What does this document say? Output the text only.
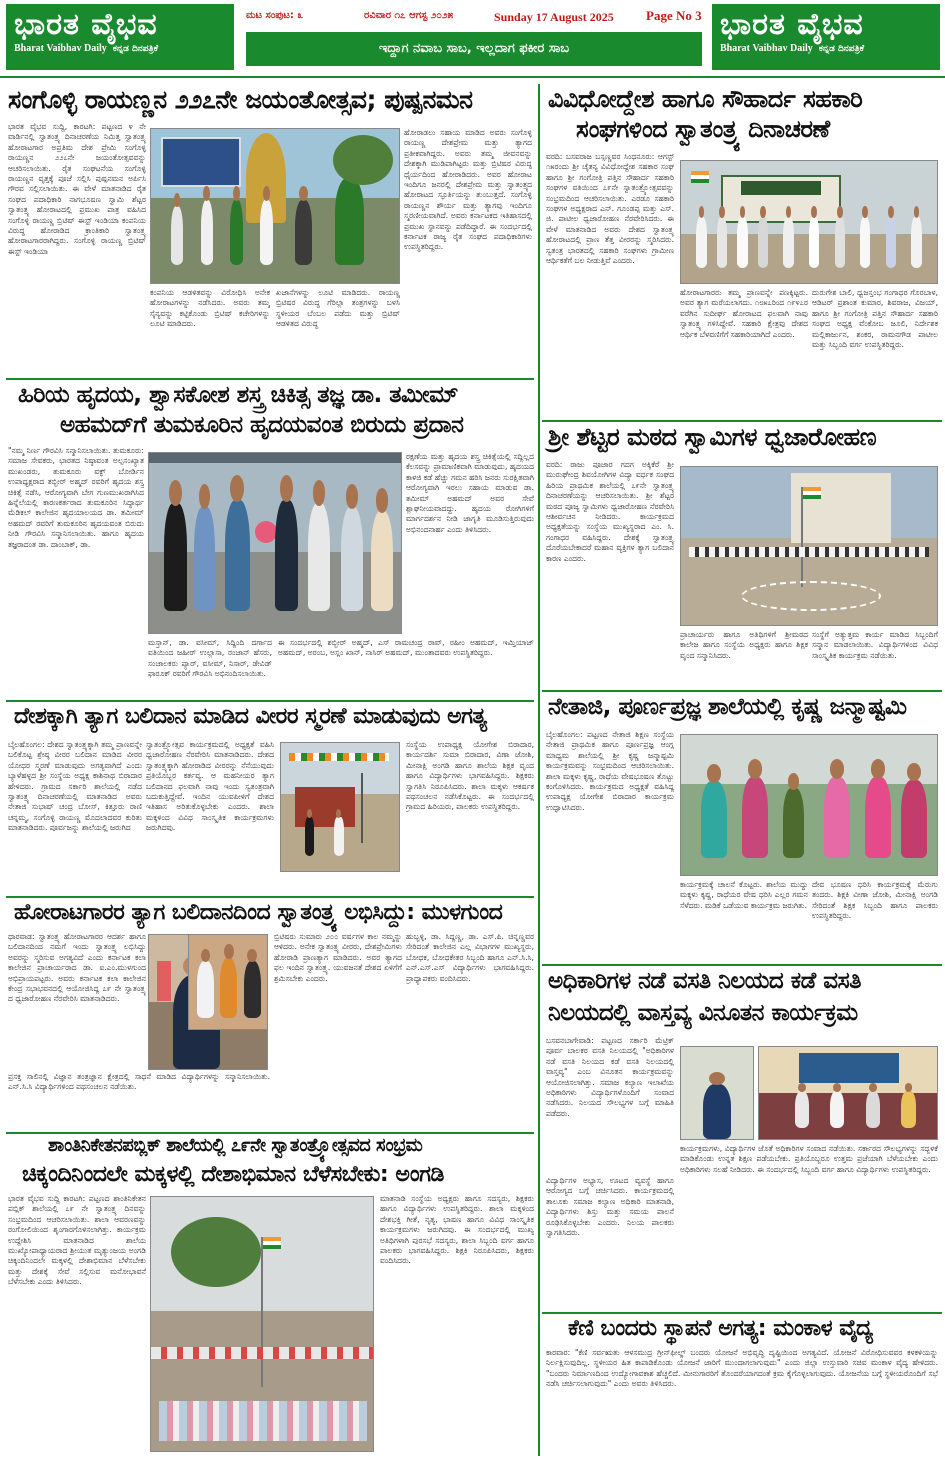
ಭಾರತ ವೈಭವ
Bharat Vaibhav Daily ಕನ್ನಡ ದಿನಪತ್ರಿಕೆ
ಮಟ ಸಂಪುಟ: ೩	ರವಿವಾರ ೧೭ ಆಗಸ್ಟ ೨೦೨೫	Sunday 17 August 2025 Page No 3
ಇದ್ದಾಗ ನವಾಬ ಸಾಬ, ಇಲ್ಲದಾಗ ಫಕೀರ ಸಾಬ
ಭಾರತ ವೈಭವ
Bharat Vaibhav Daily ಕನ್ನಡ ದಿನಪತ್ರಿಕೆ
ಸಂಗೊಳ್ಳಿ ರಾಯಣ್ಣನ ೨೨೭ನೇ ಜಯಂತೋತ್ಸವ; ಪುಷ್ಪನಮನ
ಭಾರತ ವೈಭವ ಸುದ್ದಿ, ಕಾರಟಗಿ: ಪಟ್ಟಣದ ೪ ನೇ ವಾರ್ಡಿನಲ್ಲಿ ಸ್ವಾತಂತ್ರ್ಯ ದಿನಾಚರಣೆಯ ನಿಮಿತ್ತ ಸ್ವಾತಂತ್ರ್ಯ ಹೋರಾಟಗಾರ ಅಪ್ರತಿಮ ದೇಶ ಪ್ರೇಮಿ ಸಂಗೊಳ್ಳಿ ರಾಯಣ್ಣನ ೨೨೭ನೇ ಜಯಂತೋತ್ಸವವನ್ನು ಆಚರಿಸಲಾಯಿತು. ರೈತ ಸಂಘಟನೆಯ ಸಂಗೊಳ್ಳಿ ರಾಯಣ್ಣನ ವೃತ್ತಕ್ಕೆ ಪೂಜೆ ಸಲ್ಲಿಸಿ ಪುಷ್ಪನಮನ ಅರ್ಪಿಸಿ ಗೌರವ ಸಲ್ಲಿಸಲಾಯಿತು. ಈ ವೇಳೆ ಮಾತನಾಡಿದ ರೈತ ಸಂಘದ ಪದಾಧಿಕಾರಿ ನಾಗಭೂಷಣ ಸ್ವಾಮಿ ಶೆಟ್ಟರ ಸ್ವಾತಂತ್ರ್ಯ ಹೋರಾಟದಲ್ಲಿ ಪ್ರಮುಖ ಪಾತ್ರ ವಹಿಸಿದ ಸಂಗೊಳ್ಳಿ ರಾಯಣ್ಣ ಬ್ರಿಟಿಷ್ ಈಸ್ಟ್ ಇಂಡಿಯಾ ಕಂಪನಿಯ ವಿರುದ್ಧ ಹೋರಾಡಿದ ಕ್ರಾಂತಿಕಾರಿ ಸ್ವಾತಂತ್ರ್ಯ ಹೋರಾಟಗಾರರಾಗಿದ್ದರು. ಸಂಗೊಳ್ಳಿ ರಾಯಣ್ಣ ಬ್ರಿಟಿಷ್ ಈಸ್ಟ್ ಇಂಡಿಯಾ
ಕಂಪನಿಯ ಆಡಳಿತವನ್ನು ವಿರೋಧಿಸಿ ಅನೇಕ ಹೋರಾಟಗಳನ್ನು ನಡೆಸಿದರು. ಅವರು ತಮ್ಮ ಸೈನ್ಯವನ್ನು ಕಟ್ಟಿಕೊಂಡು ಬ್ರಿಟಿಷ್ ಕಚೇರಿಗಳನ್ನು ಲೂಟಿ ಮಾಡಿದರು.
ಖಜಾನೆಗಳನ್ನು ಲೂಟಿ ಮಾಡಿದರು. ರಾಯಣ್ಣ ಬ್ರಿಟಿಷರ ವಿರುದ್ಧ ಗೆರಿಲ್ಲಾ ತಂತ್ರಗಳನ್ನು ಬಳಸಿ ಸ್ಥಳೀಯರ ಬೆಂಬಲ ಪಡೆದು ಮತ್ತು ಬ್ರಿಟಿಷ್ ಆಡಳಿತದ ವಿರುದ್ಧ
ಹೋರಾಡಲು ಸಹಾಯ ಮಾಡಿದ ಅವರು ಸಂಗೊಳ್ಳಿ ರಾಯಣ್ಣ ದೇಶಪ್ರೇಮ ಮತ್ತು ತ್ಯಾಗದ ಪ್ರತೀಕವಾಗಿದ್ದರು. ಅವರು ತಮ್ಮ ಜೀವನವನ್ನು ದೇಶಕ್ಕಾಗಿ ಮುಡಿಪಾಗಿಟ್ಟರು ಮತ್ತು ಬ್ರಿಟಿಷರ ವಿರುದ್ಧ ಧೈರ್ಯದಿಂದ ಹೋರಾಡಿದರು. ಅವರ ಹೋರಾಟ ಇಂದಿಗೂ ಜನರಲ್ಲಿ ದೇಶಪ್ರೇಮ ಮತ್ತು ಸ್ವಾತಂತ್ರ್ಯದ ಹೋರಾಟದ ಸ್ಫೂರ್ತಿಯನ್ನು ತುಂಬುತ್ತದೆ. ಸಂಗೊಳ್ಳಿ ರಾಯಣ್ಣನ ಶೌರ್ಯ ಮತ್ತು ತ್ಯಾಗವು ಇಂದಿಗೂ ಸ್ಮರಣೀಯವಾಗಿದೆ. ಅವರು ಕರ್ನಾಟಕದ ಇತಿಹಾಸದಲ್ಲಿ ಪ್ರಮುಖ ಸ್ಥಾನವನ್ನು ಪಡೆದಿದ್ದಾರೆ. ಈ ಸಂದರ್ಭದಲ್ಲಿ ಕರ್ನಾಟಕ ರಾಜ್ಯ ರೈತ ಸಂಘದ ಪದಾಧಿಕಾರಿಗಳು ಉಪಸ್ಥಿತರಿದ್ದರು.
ಹಿರಿಯ ಹೃದಯ, ಶ್ವಾಸಕೋಶ ಶಸ್ತ್ರ ಚಿಕಿತ್ಸ ತಜ್ಞ ಡಾ. ತಮೀಮ್
ಅಹಮದ್‌ಗೆ ತುಮಕೂರಿನ ಹೃದಯವಂತ ಬಿರುದು ಪ್ರದಾನ
"ನಮ್ಮ ನಿರ್ಣ ಗೌರವಿಸಿ ಸನ್ಮಾನಿಸಲಾಯಿತು. ತುಮಕೂರು: ಸಮಾಜ ಸೇವಕರು, ಭಾರತದ ನಿಷ್ಠಾವಂತ ಅಲ್ಪಸಂಖ್ಯಾತ ಮುಖಂಡರು, ತುಮಕೂರು ವಕ್ಫ್ ಬೋರ್ಡಿನ ಉಪಾಧ್ಯಕ್ಷರಾದ ತಬ್ಬೀರ್ ಅಹ್ಮದ್ ರವರಿಗೆ ಹೃದಯ ಶಸ್ತ್ರ ಚಿಕಿತ್ಸೆ ನಡೆಸಿ, ಆರೋಗ್ಯವಾಗಿ ಬೇಗ ಗುಣಮುಖರಾಗಿಸಿದ ಹಿನ್ನೆಲೆಯಲ್ಲಿ ಕಾರಣಕರ್ತರಾದ ತುಮಕೂರಿನ ಸಿದ್ಧಾರ್ಥ ಮೆಡಿಕಲ್ ಕಾಲೇಜಿನ ಹೃದಯಾಲಯದ ಡಾ. ತಮೀಮ್ ಅಹಮದ್ ರವರಿಗೆ ತುಮಕೂರಿನ ಹೃದಯವಂತ ಬಿರುದು ನೀಡಿ ಗೌರವಿಸಿ ಸನ್ಮಾನಿಸಲಾಯಿತು. ಹಾಗೂ ಹೃದಯ ತಜ್ಞರಾದಂತ ಡಾ. ದಾಂಬಾಕ್, ಡಾ.
ಮಸ್ತಾನ್, ಡಾ. ವಸೀಮ್, ಸಿದ್ದಿಂದಿ ದರ್ಗಾದ ವತಿಯಿಂದ ಜಹೀರ್ ಉಲ್ಲಾಸಾ, ರಂಜಾನ್ ಹೆಸರು, ಸಂಚಾಲಕರು ಪ್ಯಾರ್, ವಸೀಮ್, ನಿಸಾರ್, ಡೇವಿಡ್ ಫಾರೂಕ್ ರವರಿಗೆ ಗೌರವಿಸಿ ಅಭಿನಂದಿಸಲಾಯಿತು.
ರಕ್ಷಣೆಯ ಮತ್ತು ಹೃದಯ ಶಸ್ತ್ರ ಚಿಕಿತ್ಸೆಯಲ್ಲಿ ಸದ್ದಿಲ್ಲದ ಕೆಲಸವನ್ನು ಪ್ರಾಮಾಣಿಕವಾಗಿ ಮಾಡುವುದು, ಹೃದಯದ ಕಾಳಜಿ ಕಡೆ ಹೆಚ್ಚು ಗಮನ ಹರಿಸಿ ಜನರು ಸುರಕ್ಷಿತವಾಗಿ ಆರೋಗ್ಯವಾಗಿ ಇರಲು ಸಹಾಯ ಮಾಡುವ ಡಾ. ತಮೀಮ್ ಅಹಮದ್ ಅವರ ಸೇವೆ ಶ್ಲಾಘನೀಯವಾದದ್ದು. ಹೃದಯ ರೋಗಿಗಳಿಗೆ ಮಾರ್ಗದರ್ಶನ ನೀಡಿ ಜಾಗೃತಿ ಮೂಡಿಸುತ್ತಿರುವುದು ಅಭಿನಂದನಾರ್ಹ ಎಂದು ತಿಳಿಸಿದರು.
ಈ ಸಂದರ್ಭದಲ್ಲಿ ಶಬ್ಬೀರ್ ಅಹ್ಮದ್, ಎಸ್ ರಾಮಚಂದ್ರ ರಾವ್, ರಹೀಂ ಅಹಮದ್, ಇಮ್ತಿಯಾಜ್ ಅಹಮದ್, ಅರಂಬ, ಅಸ್ಲಂ ಖಾನ್, ನಾಸಿರ್ ಅಹಮದ್, ಮುಂತಾದವರು ಉಪಸ್ಥಿತರಿದ್ದರು.
ದೇಶಕ್ಕಾಗಿ ತ್ಯಾಗ ಬಲಿದಾನ ಮಾಡಿದ ವೀರರ ಸ್ಮರಣೆ ಮಾಡುವುದು ಅಗತ್ಯ
ಬೈಲಹೊಂಗಲ: ದೇಶದ ಸ್ವಾತಂತ್ರ್ಯಕ್ಕಾಗಿ ತಮ್ಮ ಪ್ರಾಣವನ್ನೇ ಬಲಿಕೊಟ್ಟ ಶ್ರೇಷ್ಠ ವೀರರ ಬಲಿದಾನ ಮಾಡಿದ ವೀರರ ಯೋಧರ ಸ್ಮರಣೆ ಮಾಡುವುದು ಅಗತ್ಯವಾಗಿದೆ ಎಂದು ಬ್ಯಾಳೆಹಳ್ಳದ ಶ್ರೀ ಸಂಸ್ಥೆಯ ಅಧ್ಯಕ್ಷ ಕಾಶಿನಾಥ ಬಿರಾದಾರ ಹೇಳಿದರು. ಗ್ರಾಮದ ಸರ್ಕಾರಿ ಶಾಲೆಯಲ್ಲಿ ನಡೆದ ಸ್ವಾತಂತ್ರ್ಯ ದಿನಾಚರಣೆಯಲ್ಲಿ ಮಾತನಾಡಿದ ಅವರು ನೇತಾಜಿ ಸುಭಾಷ್ ಚಂದ್ರ ಬೋಸ್, ಕಿತ್ತೂರು ರಾಣಿ ಚನ್ನಮ್ಮ, ಸಂಗೊಳ್ಳಿ ರಾಯಣ್ಣ ಮೊದಲಾದವರ ಕುರಿತು ಮಾತನಾಡಿದರು. ಪೂರ್ವಜನ್ನು ಶಾಲೆಯಲ್ಲಿ ಜರುಗಿದ
ಸ್ವಾತಂತ್ರ್ಯೋತ್ಸವ ಕಾರ್ಯಕ್ರಮದಲ್ಲಿ ಅಧ್ಯಕ್ಷತೆ ವಹಿಸಿ ಧ್ವಜಾರೋಹಣ ನೆರವೇರಿಸಿ ಮಾತನಾಡಿದರು. ದೇಶದ ಸ್ವಾತಂತ್ರ್ಯಕ್ಕಾಗಿ ಹೋರಾಡಿದ ವೀರರನ್ನು ನೆನೆಯುವುದು ಪ್ರತಿಯೊಬ್ಬರ ಕರ್ತವ್ಯ. ಆ ಮಹನೀಯರ ತ್ಯಾಗ ಬಲಿದಾನದ ಫಲವಾಗಿ ನಾವು ಇಂದು ಸ್ವತಂತ್ರವಾಗಿ ಬದುಕುತ್ತಿದ್ದೇವೆ. ಇಂದಿನ ಯುವಪೀಳಿಗೆ ದೇಶದ ಇತಿಹಾಸ ಅರಿತುಕೊಳ್ಳಬೇಕು ಎಂದರು. ಶಾಲಾ ಮಕ್ಕಳಿಂದ ವಿವಿಧ ಸಾಂಸ್ಕೃತಿಕ ಕಾರ್ಯಕ್ರಮಗಳು ಜರುಗಿದವು.
ಸಂಸ್ಥೆಯ ಉಪಾಧ್ಯಕ್ಷ ಯೋಗೇಶ ಬಿರಾದಾರ, ಕಾರ್ಯದರ್ಶಿ ಸುಮಾ ಬಿರಾದಾರ, ವಿಣಾ ಜೋಶಿ, ಮೀನಾಕ್ಷಿ ಅಂಗಡಿ ಹಾಗೂ ಶಾಲೆಯ ಶಿಕ್ಷಕ ವೃಂದ ಹಾಗೂ ವಿದ್ಯಾರ್ಥಿಗಳು ಭಾಗವಹಿಸಿದ್ದರು. ಶಿಕ್ಷಕರು ಸ್ವಾಗತಿಸಿ ನಿರೂಪಿಸಿದರು. ಶಾಲಾ ಮಕ್ಕಳು ಆಕರ್ಷಕ ಪಥಸಂಚಲನ ನಡೆಸಿಕೊಟ್ಟರು. ಈ ಸಂದರ್ಭದಲ್ಲಿ ಗ್ರಾಮದ ಹಿರಿಯರು, ಪಾಲಕರು ಉಪಸ್ಥಿತರಿದ್ದರು.
ಹೋರಾಟಗಾರರ ತ್ಯಾಗ ಬಲಿದಾನದಿಂದ ಸ್ವಾತಂತ್ರ್ಯ ಲಭಿಸಿದ್ದು: ಮುಳಗುಂದ
ಧಾರವಾಡ: ಸ್ವಾತಂತ್ರ್ಯ ಹೋರಾಟಗಾರರ ಆದರ್ಶ ಹಾಗೂ ಬಲಿದಾನದಿಂದ ನಮಗೆ ಇಂದು ಸ್ವಾತಂತ್ರ್ಯ ಲಭಿಸಿದ್ದು ಅವರನ್ನು ಸ್ಮರಿಸುವ ಅಗತ್ಯವಿದೆ ಎಂದು ಕರ್ನಾಟಕ ಕಲಾ ಕಾಲೇಜಿನ ಪ್ರಾಚಾರ್ಯರಾದ ಡಾ. ಐ.ಎಂ.ಮುಳಗುಂದ ಅಭಿಪ್ರಾಯಪಟ್ಟರು. ಅವರು ಕರ್ನಾಟಕ ಕಲಾ ಕಾಲೇಜಿನ ಕೇಂದ್ರ ಸಭಾಭವನದಲ್ಲಿ ಆಯೋಜಿಸಿದ್ದ ೭೯ ನೇ ಸ್ವಾತಂತ್ರ್ಯ ದ ಧ್ವಜಾರೋಹಣ ನೆರವೇರಿಸಿ ಮಾತನಾಡಿದರು.
ಬ್ರಿಟಿಷರು ಸುಮಾರು ೨೦೦ ವರ್ಷಗಳ ಕಾಲ ನಮ್ಮನ್ನು ಆಳಿದರು. ಅನೇಕ ಸ್ವಾತಂತ್ರ್ಯ ವೀರರು, ದೇಶಪ್ರೇಮಿಗಳು ಹೋರಾಡಿ ಪ್ರಾಣತ್ಯಾಗ ಮಾಡಿದರು. ಅವರ ತ್ಯಾಗದ ಫಲ ಇಂದಿನ ಸ್ವಾತಂತ್ರ್ಯ. ಯುವಜನತೆ ದೇಶದ ಏಳಿಗೆಗೆ ಶ್ರಮಿಸಬೇಕು ಎಂದರು.
ಹುಬ್ಬಳ್ಳಿ, ಡಾ. ಸಿದ್ದಣ್ಣ, ಡಾ. ಎಸ್.ಪಿ. ಚಿನ್ನಣ್ಣವರ ಸೇರಿದಂತೆ ಕಾಲೇಜಿನ ಎಲ್ಲ ವಿಭಾಗಗಳ ಮುಖ್ಯಸ್ಥರು, ಬೋಧಕ, ಬೋಧಕೇತರ ಸಿಬ್ಬಂದಿ ಹಾಗೂ ಎನ್.ಸಿ.ಸಿ, ಎನ್.ಎಸ್.ಎಸ್ ವಿದ್ಯಾರ್ಥಿಗಳು ಭಾಗವಹಿಸಿದ್ದರು. ಪ್ರಾಧ್ಯಾಪಕರು ವಂದಿಸಿದರು.
ಪ್ರಸಕ್ತ ಸಾಲಿನಲ್ಲಿ ವಿಜ್ಞಾನ ತಂತ್ರಜ್ಞಾನ ಕ್ಷೇತ್ರದಲ್ಲಿ ಸಾಧನೆ ಮಾಡಿದ ವಿದ್ಯಾರ್ಥಿಗಳನ್ನು ಸನ್ಮಾನಿಸಲಾಯಿತು. ಎನ್.ಸಿ.ಸಿ ವಿದ್ಯಾರ್ಥಿಗಳಿಂದ ಪಥಸಂಚಲನ ನಡೆಯಿತು.
ಶಾಂತಿನಿಕೇತನಪಬ್ಲಿಕ್ ಶಾಲೆಯಲ್ಲಿ ೭೯ನೇ ಸ್ವಾತಂತ್ರ್ಯೋತ್ಸವದ ಸಂಭ್ರಮ
ಚಿಕ್ಕಂದಿನಿಂದಲೇ ಮಕ್ಕಳಲ್ಲಿ ದೇಶಾಭಿಮಾನ ಬೆಳೆಸಬೇಕು: ಅಂಗಡಿ
ಭಾರತ ವೈಭವ ಸುದ್ದಿ ಕಾರಟಗಿ: ಪಟ್ಟಣದ ಶಾಂತಿನಿಕೇತನ ಪಬ್ಲಿಕ್ ಶಾಲೆಯಲ್ಲಿ ೭೯ ನೇ ಸ್ವಾತಂತ್ರ್ಯ ದಿನವನ್ನು ಸಂಭ್ರಮದಿಂದ ಆಚರಿಸಲಾಯಿತು. ಶಾಲಾ ಆವರಣವನ್ನು ರಂಗೋಲಿಯಿಂದ ಶೃಂಗಾರಗೊಳಿಸಲಾಗಿತ್ತು. ಕಾರ್ಯಕ್ರಮ ಉದ್ದೇಶಿಸಿ ಮಾತನಾಡಿದ ಶಾಲೆಯ ಮುಖ್ಯೋಪಾಧ್ಯಾಯರಾದ ಶ್ರೀಯುತ ಮೃತ್ಯುಂಜಯ ಅಂಗಡಿ ಚಿಕ್ಕಂದಿನಿಂದಲೇ ಮಕ್ಕಳಲ್ಲಿ ದೇಶಾಭಿಮಾನ ಬೆಳೆಸಬೇಕು ಮತ್ತು ದೇಶಕ್ಕೆ ಸೇವೆ ಸಲ್ಲಿಸುವ ಮನೋಭಾವನೆ ಬೆಳೆಸಬೇಕು ಎಂದು ತಿಳಿಸಿದರು.
ಮಾತನಾಡಿ ಸಂಸ್ಥೆಯ ಅಧ್ಯಕ್ಷರು ಹಾಗೂ ಸದಸ್ಯರು, ಶಿಕ್ಷಕರು ಹಾಗೂ ವಿದ್ಯಾರ್ಥಿಗಳು ಉಪಸ್ಥಿತರಿದ್ದರು. ಶಾಲಾ ಮಕ್ಕಳಿಂದ ದೇಶಭಕ್ತಿ ಗೀತೆ, ನೃತ್ಯ, ಭಾಷಣ ಹಾಗೂ ವಿವಿಧ ಸಾಂಸ್ಕೃತಿಕ ಕಾರ್ಯಕ್ರಮಗಳು ಜರುಗಿದವು. ಈ ಸಂದರ್ಭದಲ್ಲಿ ಮುಖ್ಯ ಅತಿಥಿಗಳಾಗಿ ಪುರಸಭೆ ಸದಸ್ಯರು, ಶಾಲಾ ಸಿಬ್ಬಂದಿ ವರ್ಗ ಹಾಗೂ ಪಾಲಕರು ಭಾಗವಹಿಸಿದ್ದರು. ಶಿಕ್ಷಕಿ ನಿರೂಪಿಸಿದರು, ಶಿಕ್ಷಕರು ವಂದಿಸಿದರು.
ವಿವಿಧೋದ್ದೇಶ ಹಾಗೂ ಸೌಹಾರ್ದ ಸಹಕಾರಿ
ಸಂಘಗಳಿಂದ ಸ್ವಾತಂತ್ರ್ಯ ದಿನಾಚರಣೆ
ವರದಿ: ಬಸವರಾಜ ಬಸ್ಸಣ್ಣವರ ಸಿಂಧನೂರು: ಆಗಸ್ಟ್ ೧೫ರಂದು ಶ್ರೀ ಚೈತನ್ಯ ವಿವಿಧೋದ್ದೇಶ ಸಹಕಾರ ಸಂಘ ಹಾಗೂ ಶ್ರೀ ಗಂಗೋತ್ರಿ ಪತ್ತಿನ ಸೌಹಾರ್ದ ಸಹಕಾರಿ ಸಂಘಗಳ ವತಿಯಿಂದ ೭೯ನೇ ಸ್ವಾತಂತ್ರ್ಯೋತ್ಸವವನ್ನು ಸಂಭ್ರಮದಿಂದ ಆಚರಿಸಲಾಯಿತು. ಎರಡೂ ಸಹಕಾರಿ ಸಂಘಗಳ ಅಧ್ಯಕ್ಷರಾದ ಎನ್. ಗೂಂಡಪ್ಪ ಮತ್ತು ಎಸ್. ಜಿ. ಪಾಟೀಲ ಧ್ವಜಾರೋಹಣ ನೆರವೇರಿಸಿದರು. ಈ ವೇಳೆ ಮಾತನಾಡಿದ ಅವರು ದೇಶದ ಸ್ವಾತಂತ್ರ್ಯ ಹೋರಾಟದಲ್ಲಿ ಪ್ರಾಣ ತೆತ್ತ ವೀರರನ್ನು ಸ್ಮರಿಸಿದರು. ಸ್ವತಂತ್ರ ಭಾರತದಲ್ಲಿ ಸಹಕಾರಿ ಸಂಘಗಳು ಗ್ರಾಮೀಣ ಆರ್ಥಿಕತೆಗೆ ಬಲ ನೀಡುತ್ತಿವೆ ಎಂದರು.
ಹೋರಾಟಗಾರರು ತಮ್ಮ ಪ್ರಾಣವನ್ನೇ ಪಣಕ್ಕಿಟ್ಟರು. ಅವರ ತ್ಯಾಗ ಮರೆಯಲಾಗದು. ೧೮೫೭ರಿಂದ ೧೯೪೭ರ ವರೆಗಿನ ಸುದೀರ್ಘ ಹೋರಾಟದ ಫಲವಾಗಿ ನಾವು ಸ್ವಾತಂತ್ರ್ಯ ಗಳಿಸಿದ್ದೇವೆ. ಸಹಕಾರಿ ಕ್ಷೇತ್ರವು ದೇಶದ ಆರ್ಥಿಕ ಬೆಳವಣಿಗೆಗೆ ಸಹಕಾರಿಯಾಗಿದೆ ಎಂದರು.
ದುರುಗೇಶ ಬಾಲಿ, ಧ್ವಜಸ್ತಂಭ ಗಂಗಾಧರ ಗೊರಬಾಳ, ಆಡಿಟರ್ ಪ್ರಶಾಂತ ಕುಮಾರ, ಶಿವರಾಜ, ವಿಜಯ್, ಹಾಗೂ ಶ್ರೀ ಗಂಗೋತ್ರಿ ಪತ್ತಿನ ಸೌಹಾರ್ದ ಸಹಕಾರಿ ಸಂಘದ ಅಧ್ಯಕ್ಷ ವೆಂಕೋಬ ಜೂಲಿ, ನಿರ್ದೇಶಕ ಮಲ್ಲಿಕಾರ್ಜುನ, ಶಂಕರ, ರಾಮನಗೌಡ ಪಾಟೀಲ ಮತ್ತು ಸಿಬ್ಬಂದಿ ವರ್ಗ ಉಪಸ್ಥಿತರಿದ್ದರು.
ಶ್ರೀ ಶೆಟ್ಟರ ಮಠದ ಸ್ವಾಮಿಗಳ ಧ್ವಜಾರೋಹಣ
ವರದಿ: ರಾಜು ಪೂಜಾರ ಗದಗ ಅಕ್ಕಿಕೆರೆ ಶ್ರೀ ಮುರುಘೇಂದ್ರ ಶಿವಯೋಗಿಗಳ ವಿದ್ಯಾ ವರ್ಧಕ ಸಂಘದ ಹಿರಿಯ ಪ್ರಾಥಮಿಕ ಶಾಲೆಯಲ್ಲಿ ೭೯ನೇ ಸ್ವಾತಂತ್ರ್ಯ ದಿನಾಚರಣೆಯನ್ನು ಆಚರಿಸಲಾಯಿತು. ಶ್ರೀ ಶೆಟ್ಟರ ಮಠದ ಪೂಜ್ಯ ಸ್ವಾಮಿಗಳು ಧ್ವಜಾರೋಹಣ ನೆರವೇರಿಸಿ ಆಶೀರ್ವಚನ ನೀಡಿದರು. ಕಾರ್ಯಕ್ರಮದ ಅಧ್ಯಕ್ಷತೆಯನ್ನು ಸಂಸ್ಥೆಯ ಮುಖ್ಯಸ್ಥರಾದ ಎಂ. ಸಿ. ಗಂಗಾಧರ ವಹಿಸಿದ್ದರು. ದೇಶಕ್ಕೆ ಸ್ವಾತಂತ್ರ್ಯ ದೊರೆಯಬೇಕಾದರೆ ಮಹಾನ ವ್ಯಕ್ತಿಗಳ ತ್ಯಾಗ ಬಲಿದಾನ ಕಾರಣ ಎಂದರು.
ಪ್ರಾಚಾರ್ಯರು ಹಾಗೂ ಅತಿಥಿಗಳಿಗೆ ಶ್ರೀಮಠದ ಕಾಲೇಜ ಹಾಗೂ ಸಂಸ್ಥೆಯ ಅಧ್ಯಕ್ಷರು ಹಾಗೂ ಶಿಕ್ಷಕ ವೃಂದ ಸನ್ಮಾನಿಸಿದರು.
ಸಂಸ್ಥೆಗೆ ಅತ್ಯುತ್ತಮ ಕಾರ್ಯ ಮಾಡಿದ ಸಿಬ್ಬಂದಿಗೆ ಸನ್ಮಾನ ಮಾಡಲಾಯಿತು. ವಿದ್ಯಾರ್ಥಿಗಳಿಂದ ವಿವಿಧ ಸಾಂಸ್ಕೃತಿಕ ಕಾರ್ಯಕ್ರಮ ನಡೆಯಿತು.
ನೇತಾಜಿ, ಪೂರ್ಣಪ್ರಜ್ಞ ಶಾಲೆಯಲ್ಲಿ ಕೃಷ್ಣ ಜನ್ಮಾಷ್ಟಮಿ
ಬೈಲಹೊಂಗಲ: ಪಟ್ಟಣದ ನೇತಾಜಿ ಶಿಕ್ಷಣ ಸಂಸ್ಥೆಯ ನೇತಾಜಿ ಪ್ರಾಥಮಿಕ ಹಾಗೂ ಪೂರ್ಣಪ್ರಜ್ಞ ಆಂಗ್ಲ ಮಾಧ್ಯಮ ಶಾಲೆಯಲ್ಲಿ ಶ್ರೀ ಕೃಷ್ಣ ಜನ್ಮಾಷ್ಟಮಿ ಕಾರ್ಯಕ್ರಮವನ್ನು ಸಂಭ್ರಮದಿಂದ ಆಚರಿಸಲಾಯಿತು. ಶಾಲಾ ಮಕ್ಕಳು ಕೃಷ್ಣ, ರಾಧೆಯ ವೇಷಭೂಷಣ ತೊಟ್ಟು ಕಂಗೊಳಿಸಿದರು. ಕಾರ್ಯಕ್ರಮದ ಅಧ್ಯಕ್ಷತೆ ವಹಿಸಿದ್ದ ಉಪಾಧ್ಯಕ್ಷ ಯೋಗೇಶ ಬಿರಾದಾರ ಕಾರ್ಯಕ್ರಮ ಉದ್ಘಾಟಿಸಿದರು.
ಕಾರ್ಯಕ್ರಮಕ್ಕೆ ಚಾಲನೆ ಕೊಟ್ಟರು. ಶಾಲೆಯ ಮುದ್ದು ಮಕ್ಕಳು ಕೃಷ್ಣ, ರಾಧೆಯರ ವೇಷ ಧರಿಸಿ ಎಲ್ಲರ ಗಮನ ಸೆಳೆದರು. ಮಡಿಕೆ ಒಡೆಯುವ ಕಾರ್ಯಕ್ರಮ ಜರುಗಿತು.
ದೇವ ಭೂಷಣ ಧರಿಸಿ ಕಾರ್ಯಕ್ರಮಕ್ಕೆ ಮೆರುಗು ತಂದರು. ಶಿಕ್ಷಕಿ ವೀಣಾ ಜೋಶಿ, ಮೀನಾಕ್ಷಿ ಅಂಗಡಿ ಸೇರಿದಂತೆ ಶಿಕ್ಷಕ ಸಿಬ್ಬಂದಿ ಹಾಗೂ ಪಾಲಕರು ಉಪಸ್ಥಿತರಿದ್ದರು.
ಅಧಿಕಾರಿಗಳ ನಡೆ ವಸತಿ ನಿಲಯದ ಕಡೆ ವಸತಿ
ನಿಲಯದಲ್ಲಿ ವಾಸ್ತವ್ಯ ವಿನೂತನ ಕಾರ್ಯಕ್ರಮ
ಬಸವನಬಾಗೇವಾಡಿ: ಪಟ್ಟಣದ ಸರ್ಕಾರಿ ಮೆಟ್ರಿಕ್ ಪೂರ್ವ ಬಾಲಕರ ವಸತಿ ನಿಲಯದಲ್ಲಿ "ಅಧಿಕಾರಿಗಳ ನಡೆ ವಸತಿ ನಿಲಯದ ಕಡೆ ವಸತಿ ನಿಲಯದಲ್ಲಿ ವಾಸ್ತವ್ಯ" ಎಂಬ ವಿನೂತನ ಕಾರ್ಯಕ್ರಮವನ್ನು ಆಯೋಜಿಸಲಾಗಿತ್ತು. ಸಮಾಜ ಕಲ್ಯಾಣ ಇಲಾಖೆಯ ಅಧಿಕಾರಿಗಳು ವಿದ್ಯಾರ್ಥಿಗಳೊಂದಿಗೆ ಸಂವಾದ ನಡೆಸಿದರು. ನಿಲಯದ ಸೌಲಭ್ಯಗಳ ಬಗ್ಗೆ ಮಾಹಿತಿ ಪಡೆದರು.
ವಿದ್ಯಾರ್ಥಿಗಳ ಅಭ್ಯಾಸ, ಊಟದ ವ್ಯವಸ್ಥೆ ಹಾಗೂ ಆರೋಗ್ಯದ ಬಗ್ಗೆ ಚರ್ಚಿಸಿದರು. ಕಾರ್ಯಕ್ರಮದಲ್ಲಿ ತಾಲೂಕು ಸಮಾಜ ಕಲ್ಯಾಣ ಅಧಿಕಾರಿ ಮಾತನಾಡಿ, ವಿದ್ಯಾರ್ಥಿಗಳು ಶಿಸ್ತು ಮತ್ತು ಸಮಯ ಪಾಲನೆ ರೂಢಿಸಿಕೊಳ್ಳಬೇಕು ಎಂದರು. ನಿಲಯ ಪಾಲಕರು ಸ್ವಾಗತಿಸಿದರು.
ಕಾರ್ಯಕ್ರಮಗಳು, ವಿದ್ಯಾರ್ಥಿಗಳ ಜೊತೆ ಅಧಿಕಾರಿಗಳ ಸಂವಾದ ನಡೆಯಿತು. ಸರ್ಕಾರದ ಸೌಲಭ್ಯಗಳನ್ನು ಸದ್ಬಳಕೆ ಮಾಡಿಕೊಂಡು ಉನ್ನತ ಶಿಕ್ಷಣ ಪಡೆಯಬೇಕು. ಪ್ರತಿಯೊಬ್ಬರೂ ಉತ್ತಮ ಪ್ರಜೆಯಾಗಿ ಬೆಳೆಯಬೇಕು ಎಂದು ಅಧಿಕಾರಿಗಳು ಸಲಹೆ ನೀಡಿದರು. ಈ ಸಂದರ್ಭದಲ್ಲಿ ಸಿಬ್ಬಂದಿ ವರ್ಗ ಹಾಗೂ ವಿದ್ಯಾರ್ಥಿಗಳು ಉಪಸ್ಥಿತರಿದ್ದರು.
ಕೆಣಿ ಬಂದರು ಸ್ಥಾಪನೆ ಅಗತ್ಯ: ಮಂಕಾಳ ವೈದ್ಯ
ಕಾರವಾರ: "ಕೆಣಿ ಸರ್ವಋತು ಆಳಸಮುದ್ರ ಗ್ರೀನ್‌ಫೀಲ್ಡ್ ಬಂದರು ಯೋಜನೆ ಅಭಿವೃದ್ಧಿ ದೃಷ್ಟಿಯಿಂದ ಅಗತ್ಯವಿದೆ. ಯೋಜನೆ ವಿರೋಧಿಸುವವರ ಕಳಕಳಿಯನ್ನು ನಿರ್ಲಕ್ಷಿಸುವುದಿಲ್ಲ. ಸ್ಥಳೀಯರ ಹಿತ ಕಾಪಾಡಿಕೊಂಡು ಯೋಜನೆ ಜಾರಿಗೆ ಮುಂದಾಗಲಾಗುವುದು" ಎಂದು ಜಿಲ್ಲಾ ಉಸ್ತುವಾರಿ ಸಚಿವ ಮಂಕಾಳ ವೈದ್ಯ ಹೇಳಿದರು. "ಬಂದರು ನಿರ್ಮಾಣದಿಂದ ಉದ್ಯೋಗಾವಕಾಶ ಹೆಚ್ಚಲಿದೆ. ಮೀನುಗಾರರಿಗೆ ತೊಂದರೆಯಾಗದಂತೆ ಕ್ರಮ ಕೈಗೊಳ್ಳಲಾಗುವುದು. ಯೋಜನೆಯ ಬಗ್ಗೆ ಸ್ಥಳೀಯರೊಂದಿಗೆ ಸಭೆ ನಡೆಸಿ ಚರ್ಚಿಸಲಾಗುವುದು" ಎಂದು ಅವರು ತಿಳಿಸಿದರು.
